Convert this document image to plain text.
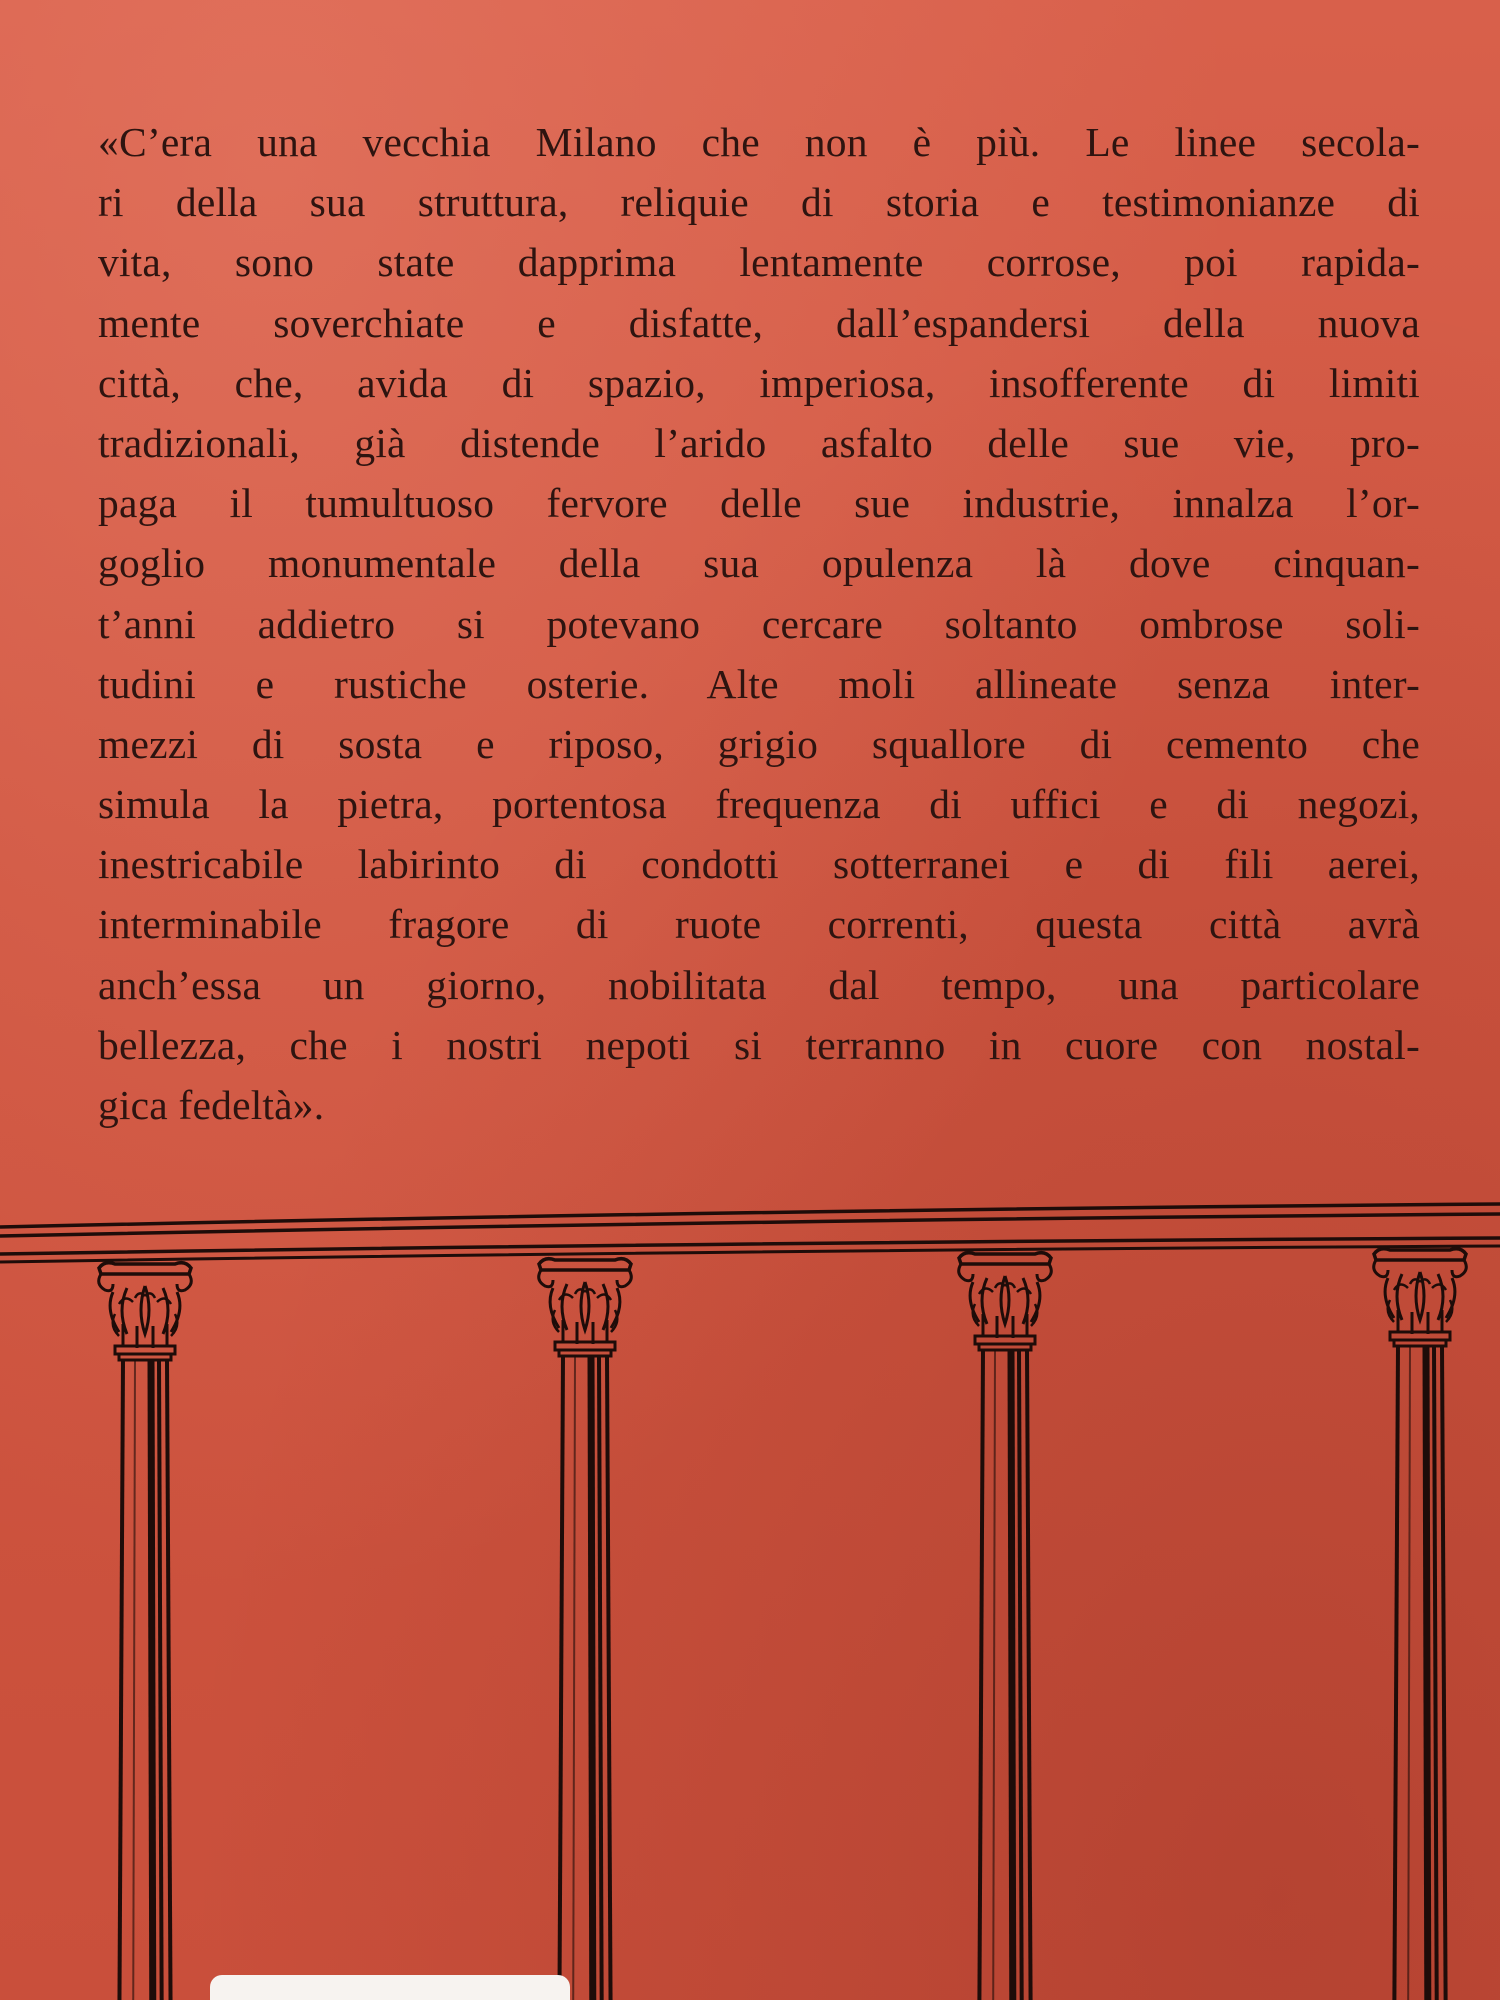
«C’era una vecchia Milano che non è più. Le linee secola-
ri della sua struttura, reliquie di storia e testimonianze di
vita, sono state dapprima lentamente corrose, poi rapida-
mente soverchiate e disfatte, dall’espandersi della nuova
città, che, avida di spazio, imperiosa, insofferente di limiti
tradizionali, già distende l’arido asfalto delle sue vie, pro-
paga il tumultuoso fervore delle sue industrie, innalza l’or-
goglio monumentale della sua opulenza là dove cinquan-
t’anni addietro si potevano cercare soltanto ombrose soli-
tudini e rustiche osterie. Alte moli allineate senza inter-
mezzi di sosta e riposo, grigio squallore di cemento che
simula la pietra, portentosa frequenza di uffici e di negozi,
inestricabile labirinto di condotti sotterranei e di fili aerei,
interminabile fragore di ruote correnti, questa città avrà
anch’essa un giorno, nobilitata dal tempo, una particolare
bellezza, che i nostri nepoti si terranno in cuore con nostal-
gica fedeltà».
